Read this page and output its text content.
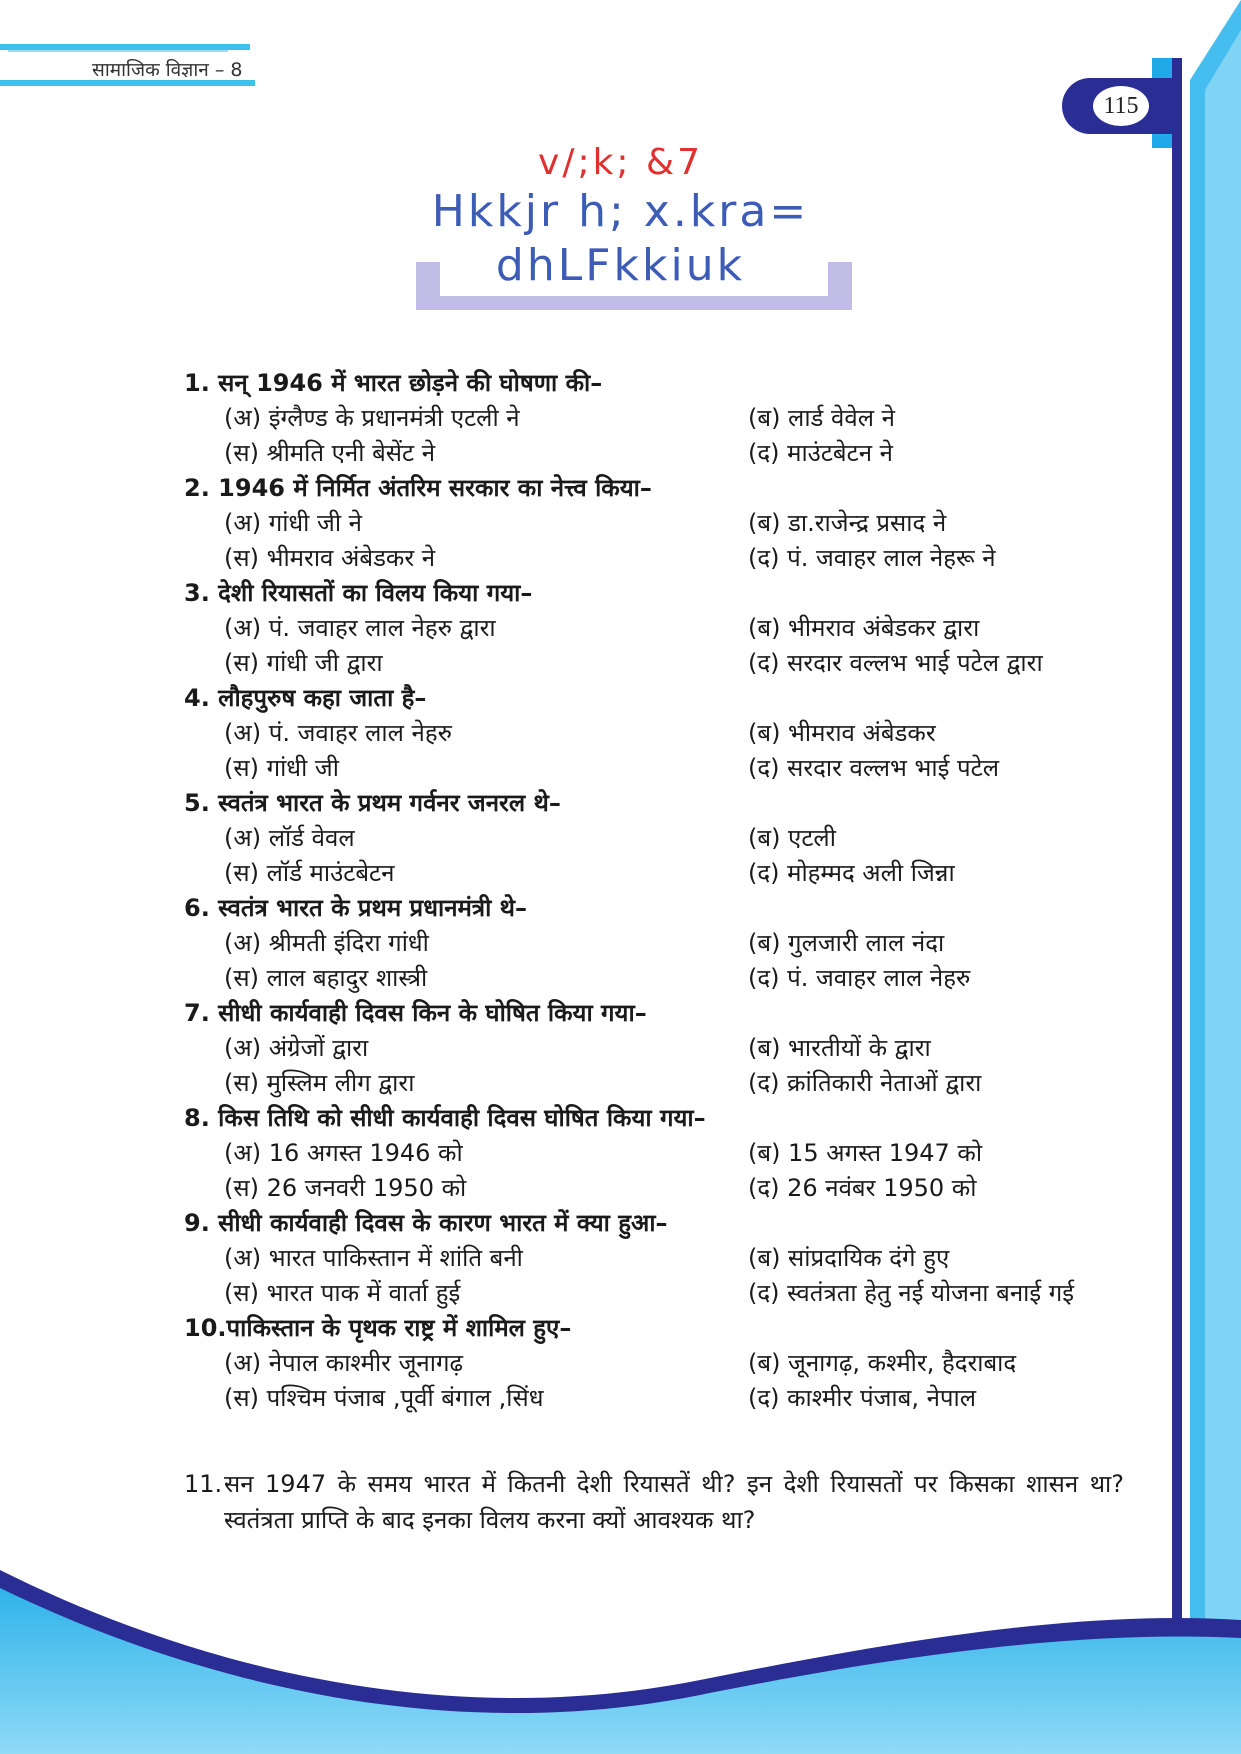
सामाजिक विज्ञान – 8
115
v/;k; &7
Hkkjr h; x.kra=
dhLFkkiuk
1. सन् 1946 में भारत छोड़ने की घोषणा की–
(अ) इंग्लैण्ड के प्रधानमंत्री एटली ने	(ब) लार्ड वेवेल ने
(स) श्रीमति एनी बेसेंट ने	(द) माउंटबेटन ने
2. 1946 में निर्मित अंतरिम सरकार का नेत्त्व किया–
(अ) गांधी जी ने	(ब) डा.राजेन्द्र प्रसाद ने
(स) भीमराव अंबेडकर ने	(द) पं. जवाहर लाल नेहरू ने
3. देशी रियासतों का विलय किया गया–
(अ) पं. जवाहर लाल नेहरु द्वारा	(ब) भीमराव अंबेडकर द्वारा
(स) गांधी जी द्वारा	(द) सरदार वल्लभ भाई पटेल द्वारा
4. लौहपुरुष कहा जाता है–
(अ) पं. जवाहर लाल नेहरु	(ब) भीमराव अंबेडकर
(स) गांधी जी	(द) सरदार वल्लभ भाई पटेल
5. स्वतंत्र भारत के प्रथम गर्वनर जनरल थे–
(अ) लॉर्ड वेवल	(ब) एटली
(स) लॉर्ड माउंटबेटन	(द) मोहम्मद अली जिन्ना
6. स्वतंत्र भारत के प्रथम प्रधानमंत्री थे–
(अ) श्रीमती इंदिरा गांधी	(ब) गुलजारी लाल नंदा
(स) लाल बहादुर शास्त्री	(द) पं. जवाहर लाल नेहरु
7. सीधी कार्यवाही दिवस किन के घोषित किया गया–
(अ) अंग्रेजों द्वारा	(ब) भारतीयों के द्वारा
(स) मुस्लिम लीग द्वारा	(द) क्रांतिकारी नेताओं द्वारा
8. किस तिथि को सीधी कार्यवाही दिवस घोषित किया गया–
(अ) 16 अगस्त 1946 को	(ब) 15 अगस्त 1947 को
(स) 26 जनवरी 1950 को	(द) 26 नवंबर 1950 को
9. सीधी कार्यवाही दिवस के कारण भारत में क्या हुआ–
(अ) भारत पाकिस्तान में शांति बनी	(ब) सांप्रदायिक दंगे हुए
(स) भारत पाक में वार्ता हुई	(द) स्वतंत्रता हेतु नई योजना बनाई गई
10.पाकिस्तान के पृथक राष्ट्र में शामिल हुए–
(अ) नेपाल काश्मीर जूनागढ़	(ब) जूनागढ़, कश्मीर, हैदराबाद
(स) पश्चिम पंजाब ,पूर्वी बंगाल ,सिंध	(द) काश्मीर पंजाब, नेपाल
11. सन 1947 के समय भारत में कितनी देशी रियासतें थी? इन देशी रियासतों पर किसका शासन था? स्वतंत्रता प्राप्ति के बाद इनका विलय करना क्यों आवश्यक था?
